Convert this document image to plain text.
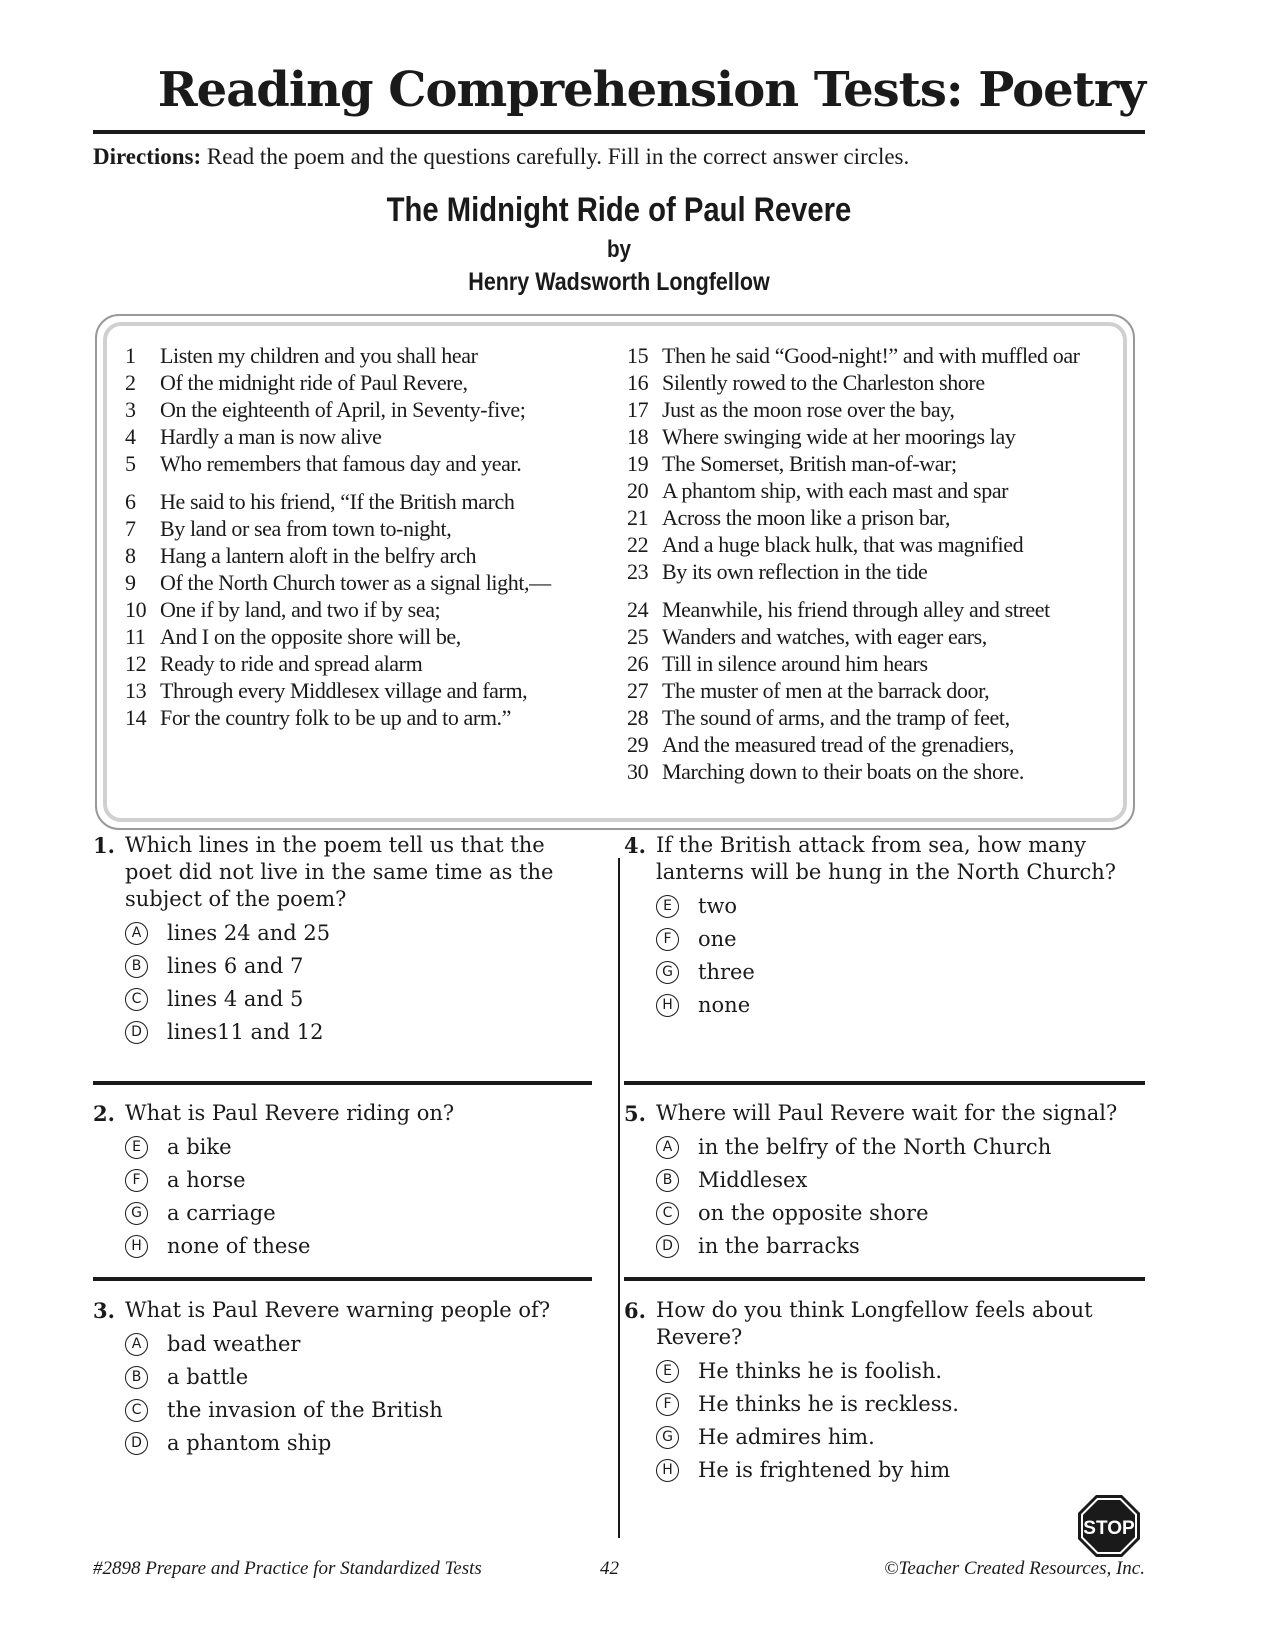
Reading Comprehension Tests: Poetry
Directions: Read the poem and the questions carefully. Fill in the correct answer circles.
The Midnight Ride of Paul Revere
by
Henry Wadsworth Longfellow
1 Listen my children and you shall hear
2 Of the midnight ride of Paul Revere,
3 On the eighteenth of April, in Seventy-five;
4 Hardly a man is now alive
5 Who remembers that famous day and year.
6 He said to his friend, “If the British march
7 By land or sea from town to-night,
8 Hang a lantern aloft in the belfry arch
9 Of the North Church tower as a signal light,—
10 One if by land, and two if by sea;
11 And I on the opposite shore will be,
12 Ready to ride and spread alarm
13 Through every Middlesex village and farm,
14 For the country folk to be up and to arm.”
15 Then he said “Good-night!” and with muffled oar
16 Silently rowed to the Charleston shore
17 Just as the moon rose over the bay,
18 Where swinging wide at her moorings lay
19 The Somerset, British man-of-war;
20 A phantom ship, with each mast and spar
21 Across the moon like a prison bar,
22 And a huge black hulk, that was magnified
23 By its own reflection in the tide
24 Meanwhile, his friend through alley and street
25 Wanders and watches, with eager ears,
26 Till in silence around him hears
27 The muster of men at the barrack door,
28 The sound of arms, and the tramp of feet,
29 And the measured tread of the grenadiers,
30 Marching down to their boats on the shore.
1. Which lines in the poem tell us that the poet did not live in the same time as the subject of the poem?
A	lines 24 and 25
B	lines 6 and 7
C	lines 4 and 5
D lines11 and 12
2. What is Paul Revere riding on?
E	a bike
F	a horse
G a carriage
H none of these
3. What is Paul Revere warning people of?
A	bad weather
B	a battle
C	the invasion of the British
D a phantom ship
4. If the British attack from sea, how many lanterns will be hung in the North Church?
E	two
F	one
G three
H none
5. Where will Paul Revere wait for the signal?
A	in the belfry of the North Church
B	Middlesex
C	on the opposite shore
D in the barracks
6. How do you think Longfellow feels about Revere?
E	He thinks he is foolish.
F	He thinks he is reckless.
G He admires him.
H He is frightened by him
STOP
#2898 Prepare and Practice for Standardized Tests	42	©Teacher Created Resources, Inc.
